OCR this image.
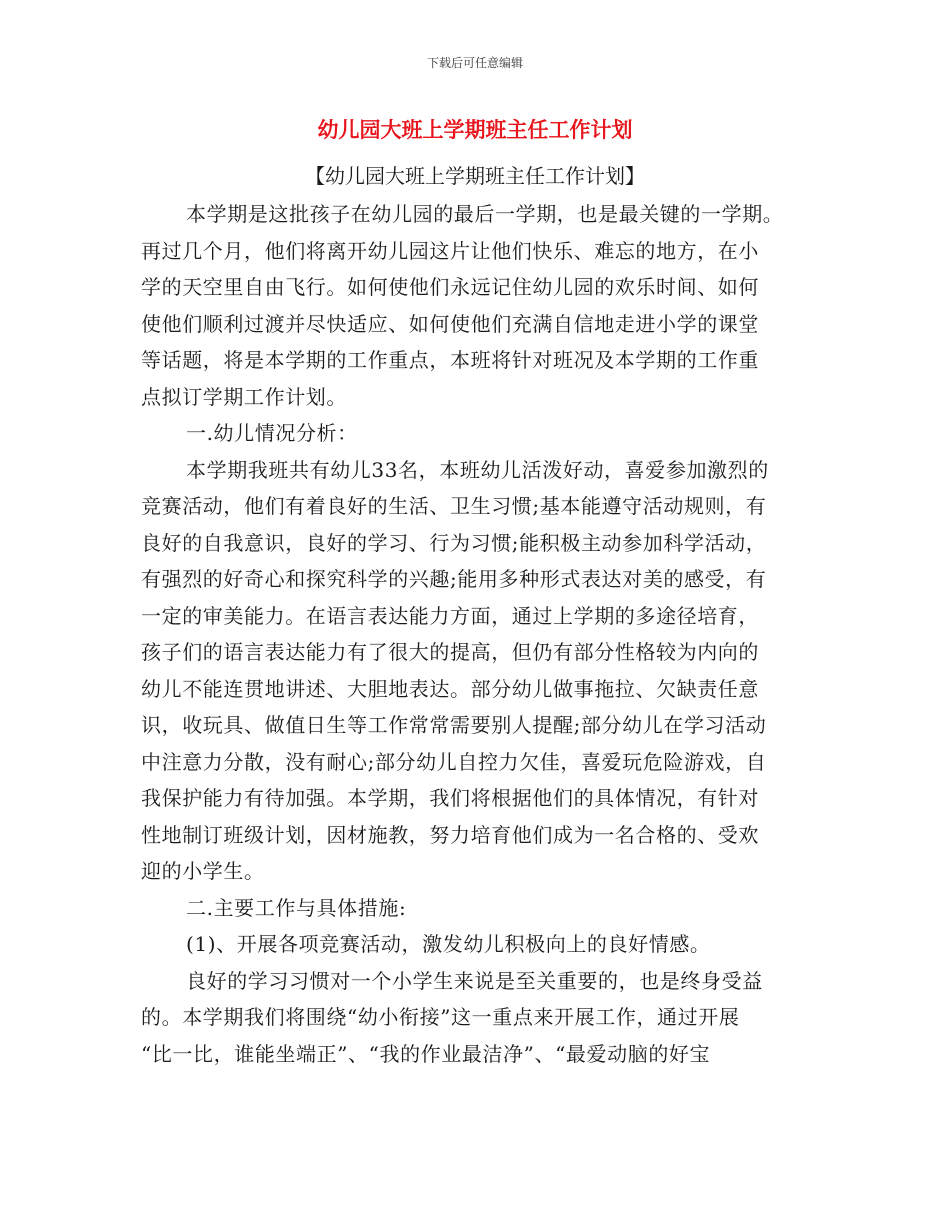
下载后可任意编辑
幼儿园大班上学期班主任工作计划
【幼儿园大班上学期班主任工作计划】
本学期是这批孩子在幼儿园的最后一学期，也是最关键的一学期。
再过几个月，他们将离开幼儿园这片让他们快乐、难忘的地方，在小
学的天空里自由飞行。如何使他们永远记住幼儿园的欢乐时间、如何
使他们顺利过渡并尽快适应、如何使他们充满自信地走进小学的课堂
等话题，将是本学期的工作重点，本班将针对班况及本学期的工作重
点拟订学期工作计划。
一.幼儿情况分析：
本学期我班共有幼儿33名，本班幼儿活泼好动，喜爱参加激烈的
竞赛活动，他们有着良好的生活、卫生习惯;基本能遵守活动规则，有
良好的自我意识，良好的学习、行为习惯;能积极主动参加科学活动，
有强烈的好奇心和探究科学的兴趣;能用多种形式表达对美的感受，有
一定的审美能力。在语言表达能力方面，通过上学期的多途径培育，
孩子们的语言表达能力有了很大的提高，但仍有部分性格较为内向的
幼儿不能连贯地讲述、大胆地表达。部分幼儿做事拖拉、欠缺责任意
识，收玩具、做值日生等工作常常需要别人提醒;部分幼儿在学习活动
中注意力分散，没有耐心;部分幼儿自控力欠佳，喜爱玩危险游戏，自
我保护能力有待加强。本学期，我们将根据他们的具体情况，有针对
性地制订班级计划，因材施教，努力培育他们成为一名合格的、受欢
迎的小学生。
二.主要工作与具体措施:
(1)、开展各项竞赛活动，激发幼儿积极向上的良好情感。
良好的学习习惯对一个小学生来说是至关重要的，也是终身受益
的。本学期我们将围绕“幼小衔接”这一重点来开展工作，通过开展
“比一比，谁能坐端正”、“我的作业最洁净”、“最爱动脑的好宝
